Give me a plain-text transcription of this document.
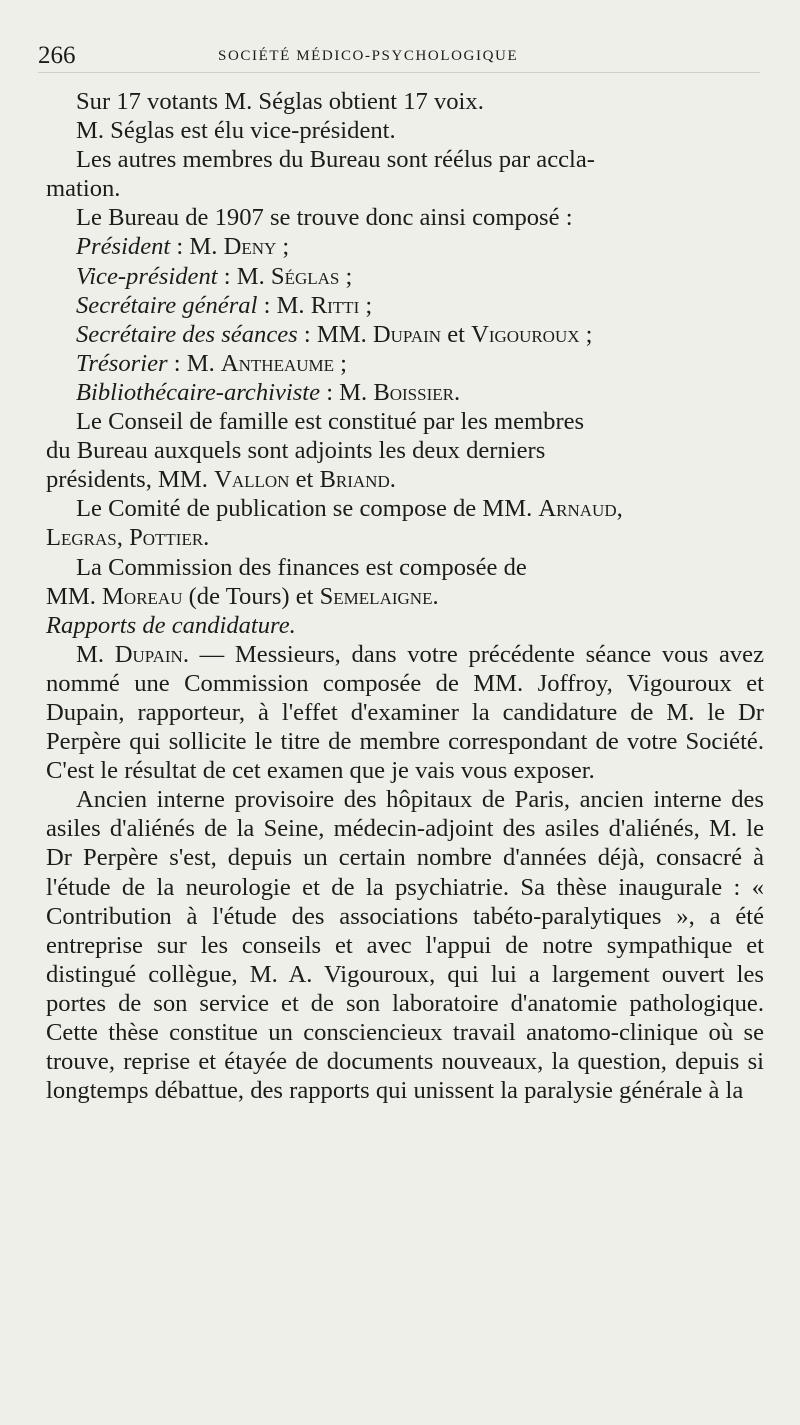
266	SOCIÉTÉ MÉDICO-PSYCHOLOGIQUE

Sur 17 votants M. Séglas obtient 17 voix.

M. Séglas est élu vice-président.

Les autres membres du Bureau sont réélus par accla-

mation.

Le Bureau de 1907 se trouve donc ainsi composé :

Président : M. Deny ;

Vice-président : M. Séglas ;

Secrétaire général : M. Ritti ;

Secrétaire des séances : MM. Dupain et Vigouroux ;

Trésorier : M. Antheaume ;

Bibliothécaire-archiviste : M. Boissier.

Le Conseil de famille est constitué par les membres

du Bureau auxquels sont adjoints les deux derniers

présidents, MM. Vallon et Briand.

Le Comité de publication se compose de MM. Arnaud,

Legras, Pottier.

La Commission des finances est composée de

MM. Moreau (de Tours) et Semelaigne.

Rapports de candidature.

M. Dupain. — Messieurs, dans votre précédente séance vous avez nommé une Commission composée de MM. Joffroy, Vigouroux et Dupain, rapporteur, à l'effet d'examiner la candidature de M. le Dr Perpère qui sollicite le titre de membre correspondant de votre Société. C'est le résultat de cet examen que je vais vous exposer.

Ancien interne provisoire des hôpitaux de Paris, ancien interne des asiles d'aliénés de la Seine, médecin-adjoint des asiles d'aliénés, M. le Dr Perpère s'est, depuis un certain nombre d'années déjà, consacré à l'étude de la neurologie et de la psychiatrie. Sa thèse inaugurale : « Contribution à l'étude des associations tabéto-paralytiques », a été entreprise sur les conseils et avec l'appui de notre sympathique et distingué collègue, M. A. Vigouroux, qui lui a largement ouvert les portes de son service et de son laboratoire d'anatomie pathologique. Cette thèse constitue un consciencieux travail anatomo-clinique où se trouve, reprise et étayée de documents nouveaux, la question, depuis si longtemps débattue, des rapports qui unissent la paralysie générale à la
